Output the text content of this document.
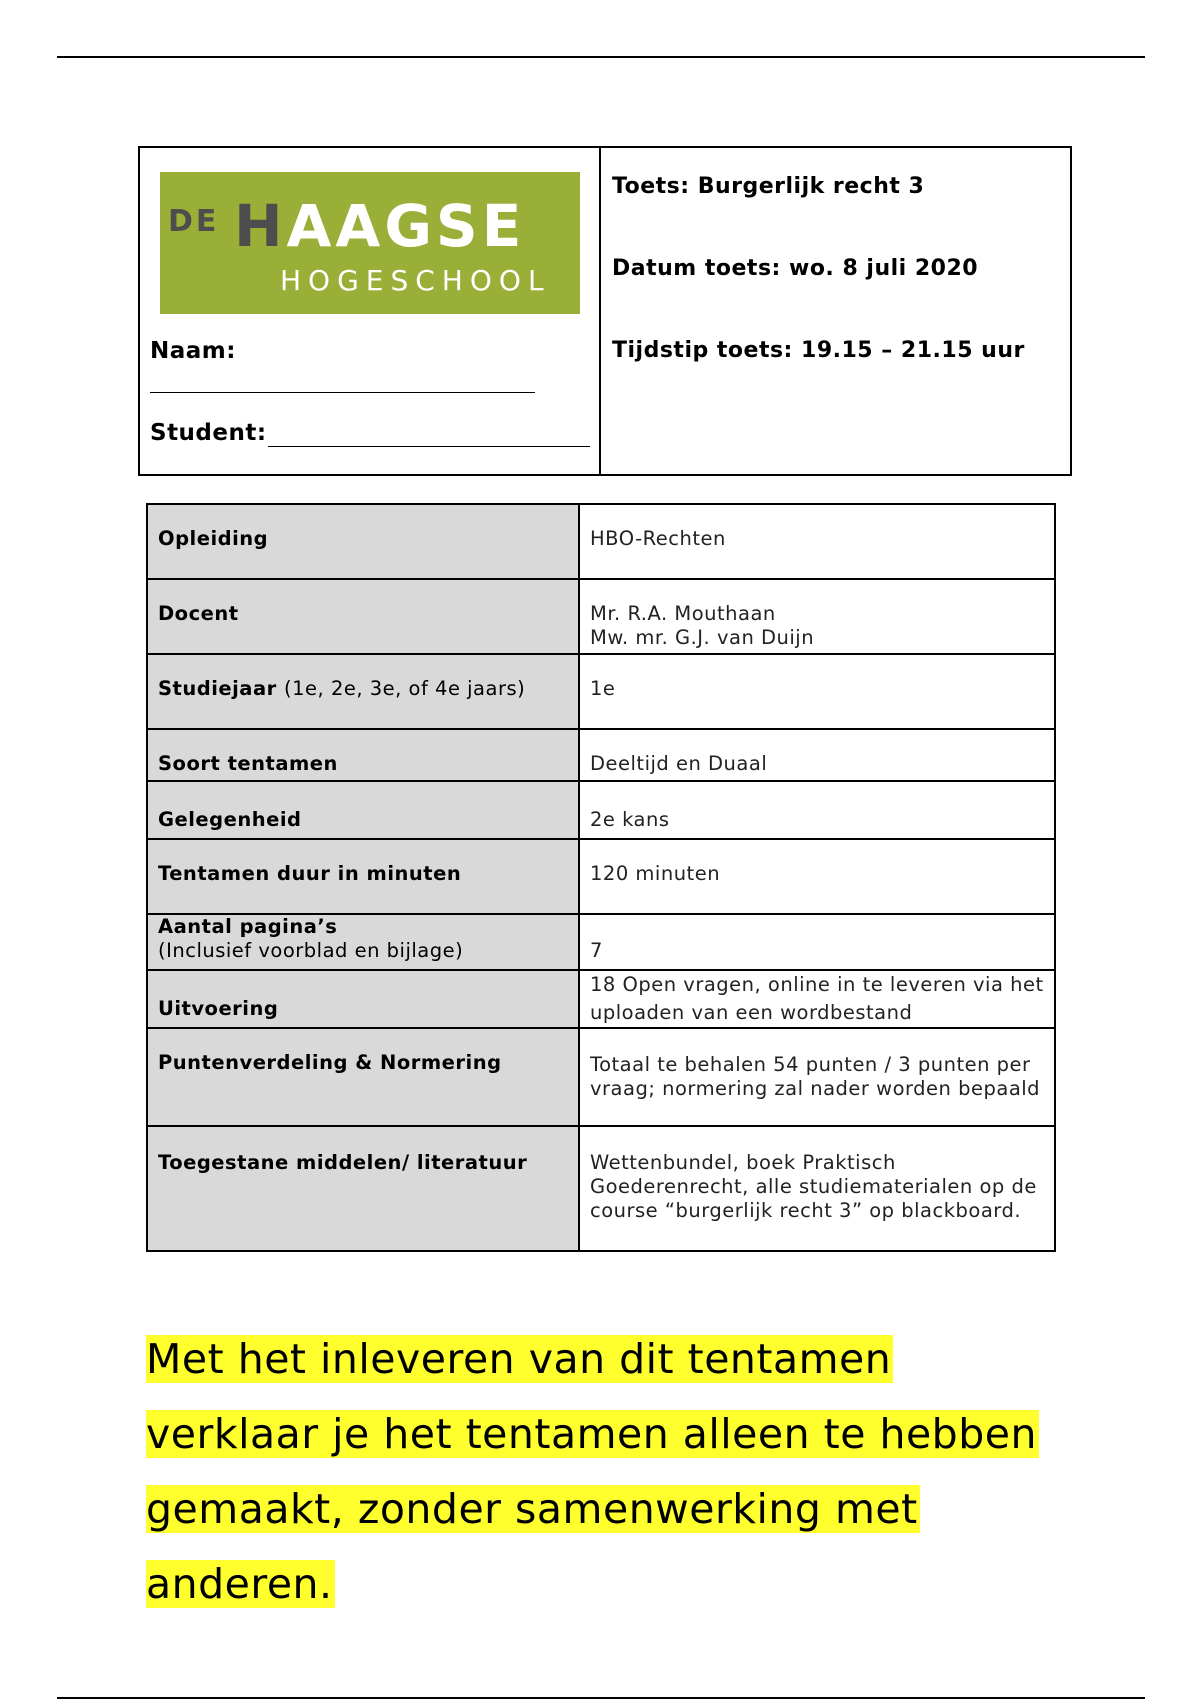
DE HAAGSE
HOGESCHOOL
Naam:
Student:
Toets: Burgerlijk recht 3
Datum toets: wo. 8 juli 2020
Tijdstip toets: 19.15 – 21.15 uur
Opleiding	HBO-Rechten
Docent	Mr. R.A. Mouthaan
Mw. mr. G.J. van Duijn

Studiejaar (1e, 2e, 3e, of 4e jaars)	1e
Soort tentamen	Deeltijd en Duaal
Gelegenheid	2e kans
Tentamen duur in minuten	120 minuten

Aantal pagina’s
(Inclusief voorblad en bijlage)	7
Uitvoering	18 Open vragen, online in te leveren via het uploaden van een wordbestand
Puntenverdeling & Normering	Totaal te behalen 54 punten / 3 punten per vraag; normering zal nader worden bepaald
Toegestane middelen/ literatuur	Wettenbundel, boek Praktisch Goederenrecht, alle studiematerialen op de course “burgerlijk recht 3” op blackboard.
Met het inleveren van dit tentamen verklaar je het tentamen alleen te hebben gemaakt, zonder samenwerking met anderen.
